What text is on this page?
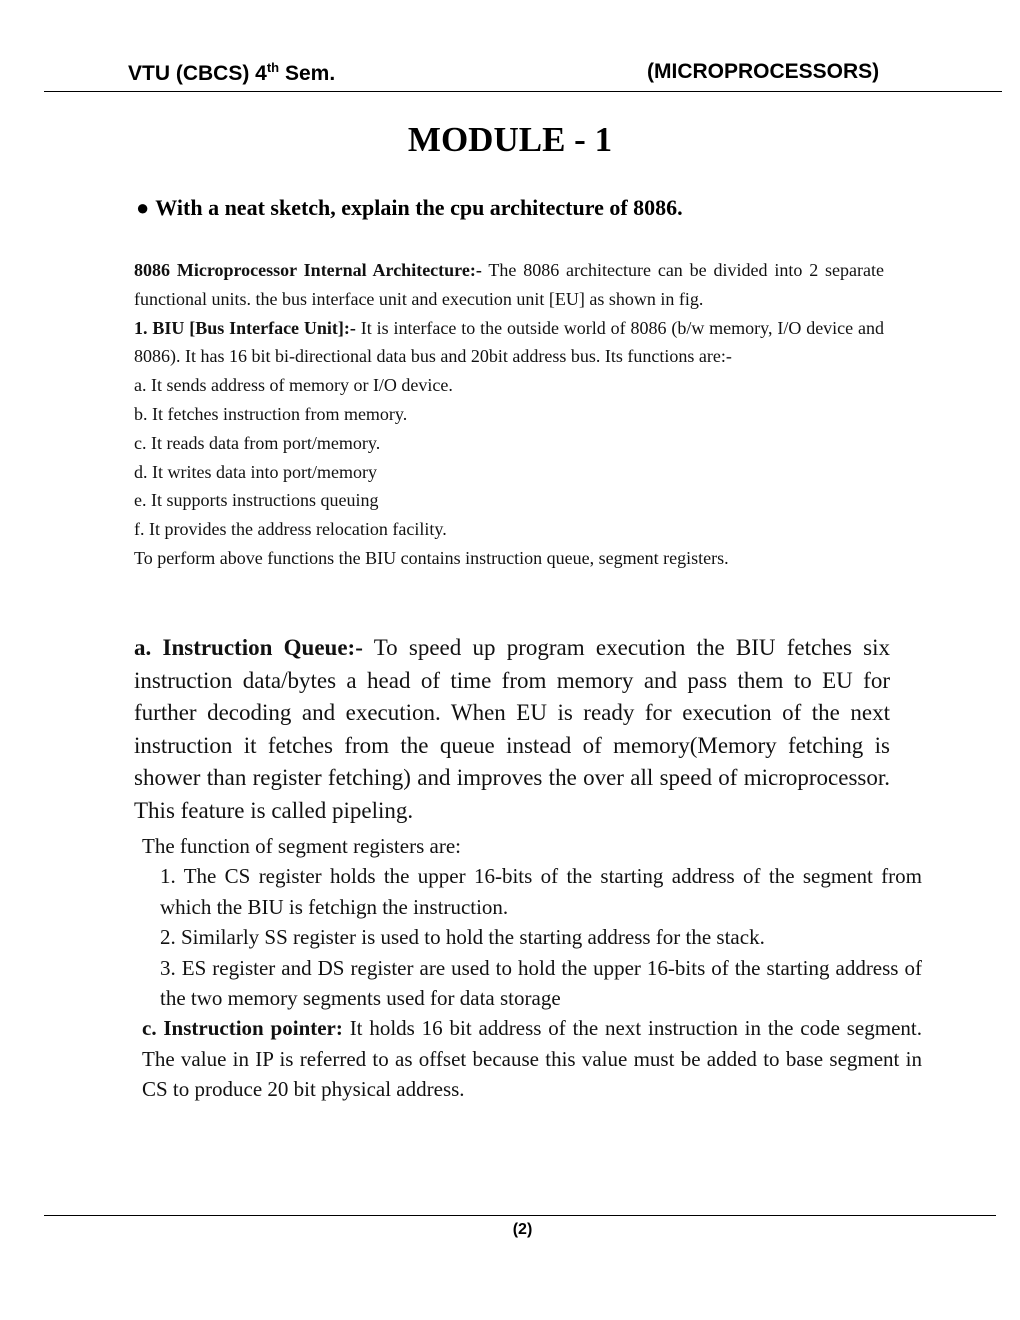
VTU (CBCS) 4th Sem.	(MICROPROCESSORS)
MODULE - 1
● With a neat sketch, explain the cpu architecture of 8086.

8086 Microprocessor Internal Architecture:- The 8086 architecture can be divided into 2 separate functional units. the bus interface unit and execution unit [EU] as shown in fig.

1. BIU [Bus Interface Unit]:- It is interface to the outside world of 8086 (b/w memory, I/O device and 8086). It has 16 bit bi-directional data bus and 20bit address bus. Its functions are:-

a. It sends address of memory or I/O device.

b. It fetches instruction from memory.

c. It reads data from port/memory.

d. It writes data into port/memory

e. It supports instructions queuing

f. It provides the address relocation facility.

To perform above functions the BIU contains instruction queue, segment registers.

a. Instruction Queue:- To speed up program execution the BIU fetches six instruction data/bytes a head of time from memory and pass them to EU for further decoding and execution. When EU is ready for execution of the next instruction it fetches from the queue instead of memory(Memory fetching is shower than register fetching) and improves the over all speed of microprocessor. This feature is called pipeling.

The function of segment registers are:

1. The CS register holds the upper 16-bits of the starting address of the segment from which the BIU is fetchign the instruction.

2. Similarly SS register is used to hold the starting address for the stack.

3. ES register and DS register are used to hold the upper 16-bits of the starting address of the two memory segments used for data storage

c. Instruction pointer: It holds 16 bit address of the next instruction in the code segment. The value in IP is referred to as offset because this value must be added to base segment in CS to produce 20 bit physical address.

(2)
